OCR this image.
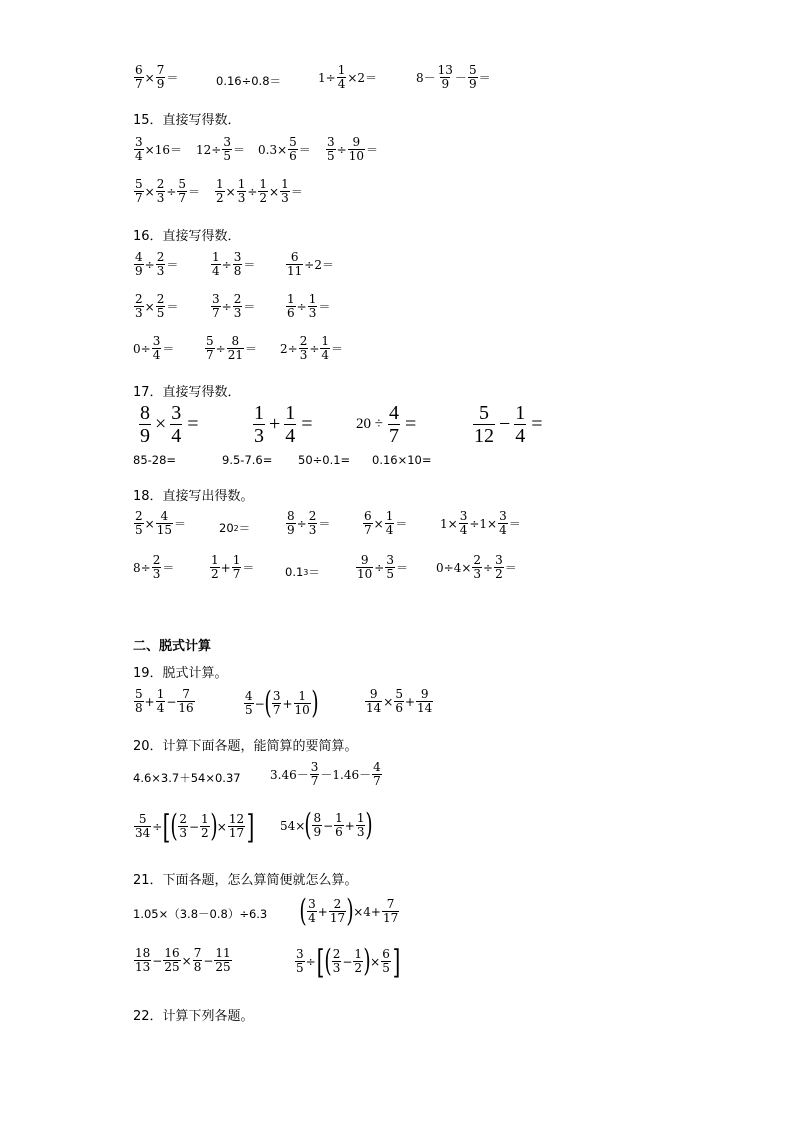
$\frac{6}{7} \times \frac{7}{9}$ ＝	0.16÷0.8＝	$1\div \frac{1}{4} \times 2=$	$8- \frac{13}{9} - \frac{5}{9}$ ＝
15．直接写得数．
$\frac{3}{4} \times 16= 12\div \frac{3}{5} = 0.3\times \frac{5}{6} = \frac{3}{5} \div \frac{9}{10}$ ＝
$\frac{5}{7} \times \frac{2}{3} \div \frac{5}{7} = \frac{1}{2} \times \frac{1}{3} \div \frac{1}{2} \times \frac{1}{3}$ ＝
16．直接写得数．
$\frac{4}{9} \div \frac{2}{3}$ ＝	$\frac{1}{4} \div \frac{3}{8}$ ＝	$\frac{6}{11} \div 2=$
$\frac{2}{3} \times \frac{2}{5}$ ＝	$\frac{3}{7} \div \frac{2}{3}$ ＝	$\frac{1}{6} \div \frac{1}{3}$ ＝
$0\div \frac{3}{4}$ ＝	$\frac{5}{7} \div \frac{8}{21} = 2\div \frac{2}{3} \div \frac{1}{4}$ ＝
17．直接写得数．
$\frac{8}{9} \times \frac{3}{4}$ =	$\frac{1}{3} + \frac{1}{4}$ =	$20 \div \frac{4}{7}$ =	$\frac{5}{12} - \frac{1}{4}$ =
85-28=	9.5-7.6= 50÷0.1= 0.16×10=
18．直接写出得数。
$\frac{2}{5} \times \frac{4}{15}$ ＝	20 2 ＝	$\frac{8}{9} \div \frac{2}{3}$ ＝	$\frac{6}{7} \times \frac{1}{4}$ ＝	$1\times \frac{3}{4} \div 1\times \frac{3}{4}$ ＝
$8\div \frac{2}{3}$ ＝	$\frac{1}{2} + \frac{1}{7}$ ＝	0.1 3 ＝	$\frac{9}{10} \div \frac{3}{5} = 0\div 4\times \frac{2}{3} \div \frac{3}{2}$ ＝
二、脱式计算
19．脱式计算。
$\frac{5}{8} + \frac{1}{4} - \frac{7}{16}$	$\frac{4}{5}$ − ( $\frac{3}{7} + \frac{1}{10}$ )	$\frac{9}{14} \times \frac{5}{6} + \frac{9}{14}$
20．计算下面各题，能简算的要简算。
4.6×3.7＋54×0.37 $3.46- \frac{3}{7} -1.46- \frac{4}{7}$
$\frac{5}{34}$ ÷ [ ( $\frac{2}{3} - \frac{1}{2}$ ) × $\frac{12}{17}$ ] 54× ( $\frac{8}{9} - \frac{1}{6} + \frac{1}{3}$ )
21．下面各题，怎么算简便就怎么算。
1.05×（3.8－0.8）÷6.3 ( $\frac{3}{4} + \frac{2}{17}$ ) $\times 4+ \frac{7}{17}$
$\frac{18}{13} - \frac{16}{25} \times \frac{7}{8} - \frac{11}{25}$	$\frac{3}{5}$ ÷ [ ( $\frac{2}{3} - \frac{1}{2}$ ) × $\frac{6}{5}$ ]
22．计算下列各题。
